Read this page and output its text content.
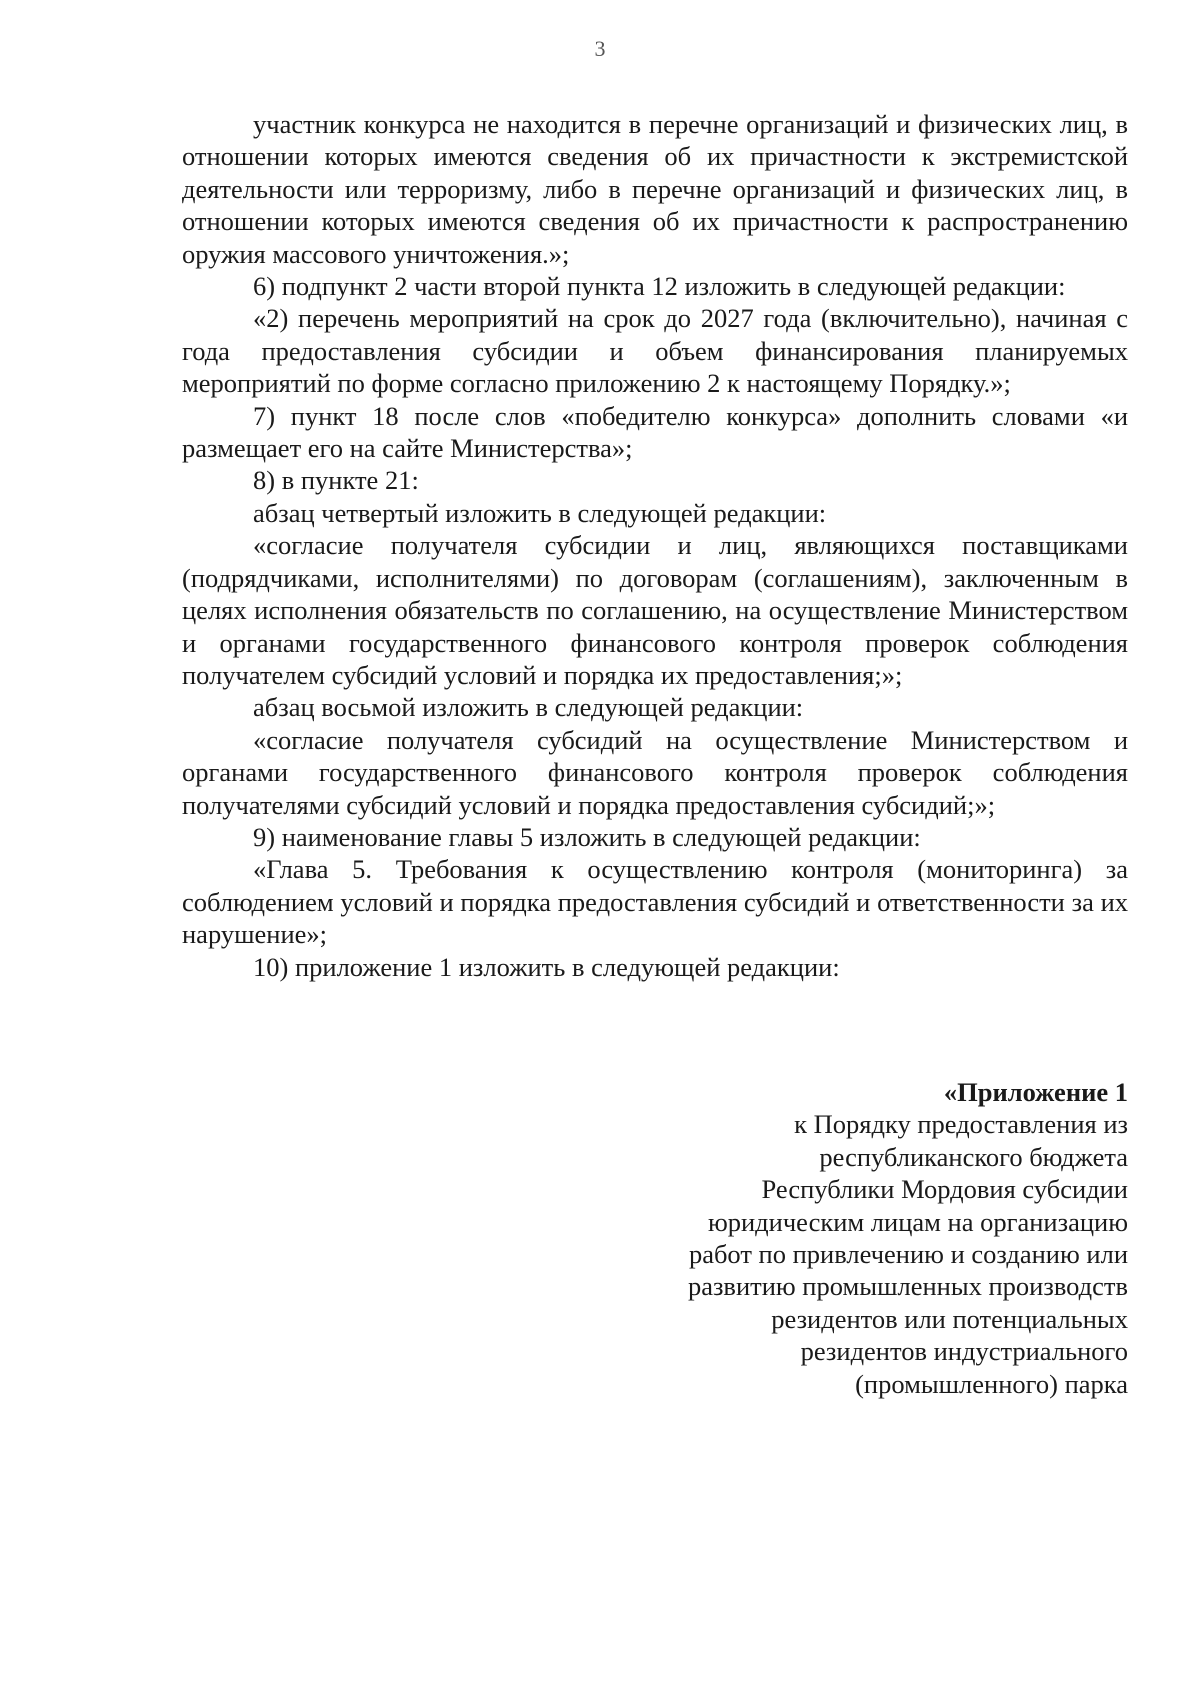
3

участник конкурса не находится в перечне организаций и физических лиц, в отношении которых имеются сведения об их причастности к экстремистской деятельности или терроризму, либо в перечне организаций и физических лиц, в отношении которых имеются сведения об их причастности к распространению оружия массового уничтожения.»;

6) подпункт 2 части второй пункта 12 изложить в следующей редакции:

«2) перечень мероприятий на срок до 2027 года (включительно), начиная с года предоставления субсидии и объем финансирования планируемых мероприятий по форме согласно приложению 2 к настоящему Порядку.»;

7) пункт 18 после слов «победителю конкурса» дополнить словами «и размещает его на сайте Министерства»;

8) в пункте 21:

абзац четвертый изложить в следующей редакции:

«согласие получателя субсидии и лиц, являющихся поставщиками (подрядчиками, исполнителями) по договорам (соглашениям), заключенным в целях исполнения обязательств по соглашению, на осуществление Министерством и органами государственного финансового контроля проверок соблюдения получателем субсидий условий и порядка их предоставления;»;

абзац восьмой изложить в следующей редакции:

«согласие получателя субсидий на осуществление Министерством и органами государственного финансового контроля проверок соблюдения получателями субсидий условий и порядка предоставления субсидий;»;

9) наименование главы 5 изложить в следующей редакции:

«Глава 5. Требования к осуществлению контроля (мониторинга) за соблюдением условий и порядка предоставления субсидий и ответственности за их нарушение»;

10) приложение 1 изложить в следующей редакции:

«Приложение 1
к Порядку предоставления из
республиканского бюджета
Республики Мордовия субсидии
юридическим лицам на организацию
работ по привлечению и созданию или
развитию промышленных производств
резидентов или потенциальных
резидентов индустриального
(промышленного) парка
